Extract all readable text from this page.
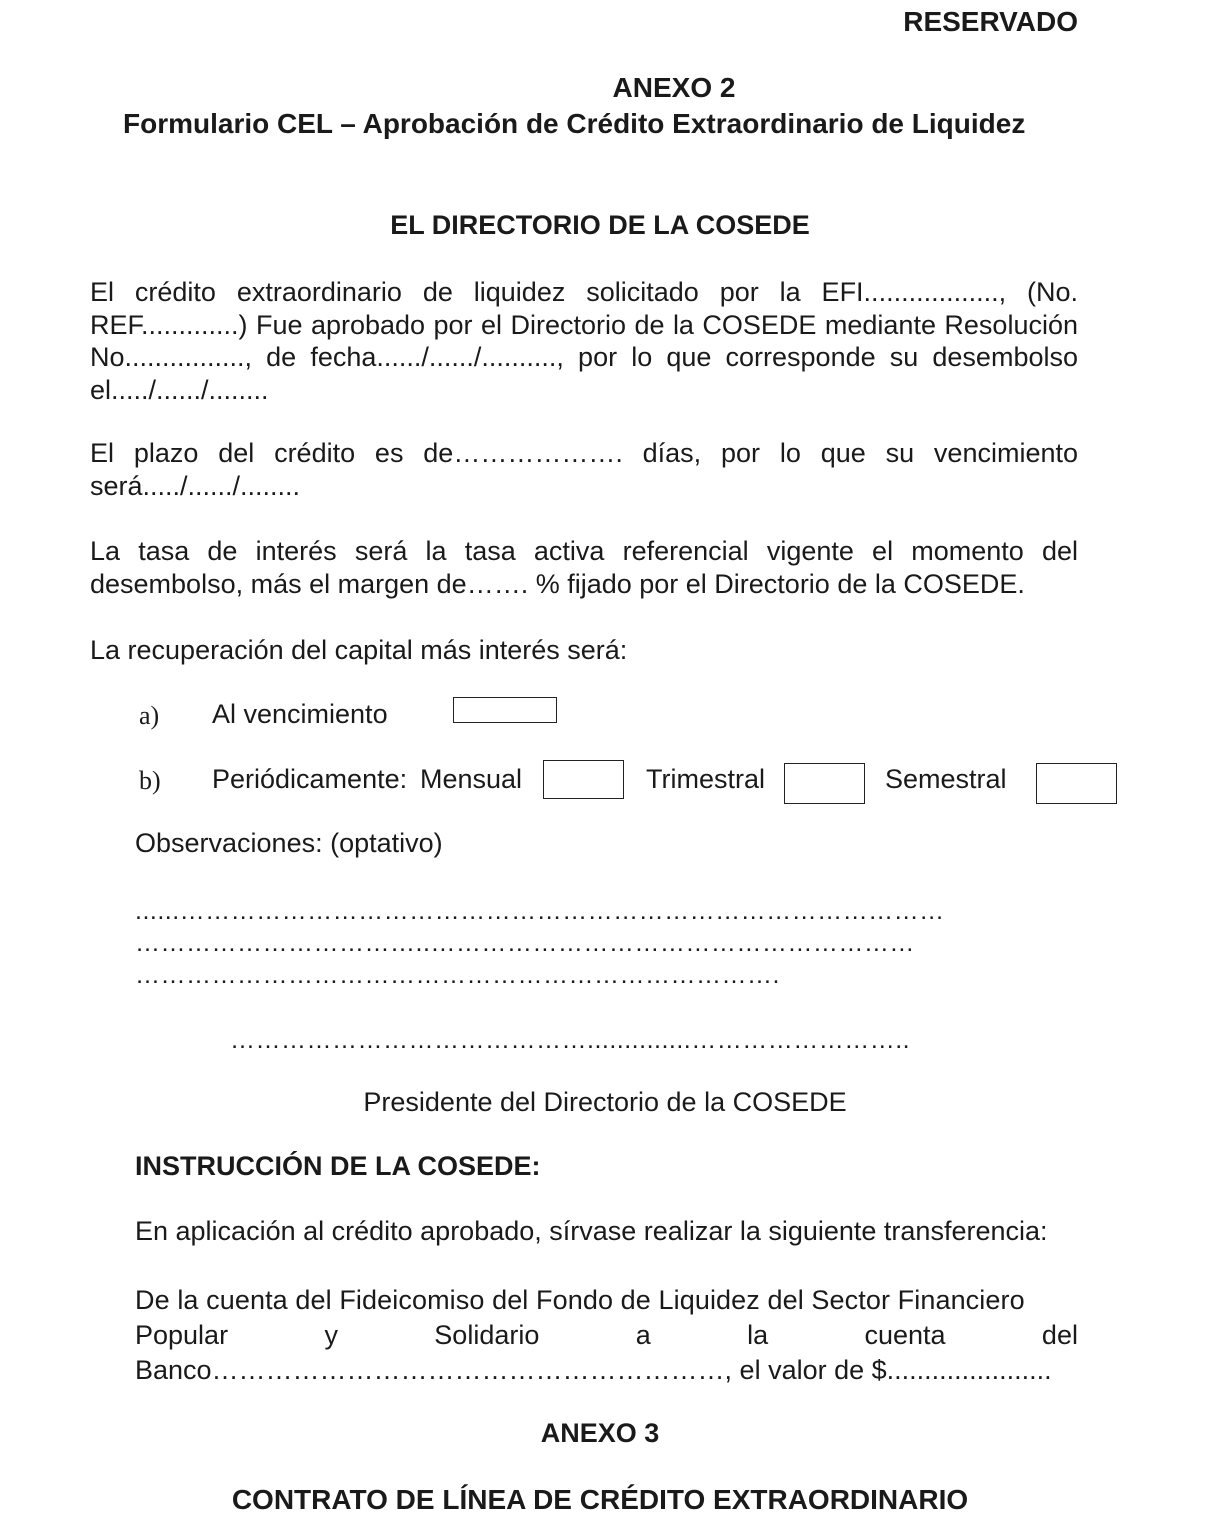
RESERVADO
ANEXO 2
Formulario CEL – Aprobación de Crédito Extraordinario de Liquidez
EL DIRECTORIO DE LA COSEDE

El crédito extraordinario de liquidez solicitado por la EFI.................., (No. REF.............) Fue aprobado por el Directorio de la COSEDE mediante Resolución No................, de fecha....../....../.........., por lo que corresponde su desembolso el...../....../........

El plazo del crédito es de………………. días, por lo que su vencimiento será...../....../........

La tasa de interés será la tasa activa referencial vigente el momento del desembolso, más el margen de……. % fijado por el Directorio de la COSEDE.

La recuperación del capital más interés será:

a) Al vencimiento
b) Periódicamente: Mensual	Trimestral	Semestral
Observaciones: (optativo)
......………………………………………………………………………………
……………………………..…………………………………………………
………………………………………………………………….
……………………………………..............……………………..
Presidente del Directorio de la COSEDE
INSTRUCCIÓN DE LA COSEDE:
En aplicación al crédito aprobado, sírvase realizar la siguiente transferencia:
De la cuenta del Fideicomiso del Fondo de Liquidez del Sector Financiero
Popular	y	Solidario	a	la	cuenta	del
Banco…………………………………………………, el valor de $......................
ANEXO 3
CONTRATO DE LÍNEA DE CRÉDITO EXTRAORDINARIO
